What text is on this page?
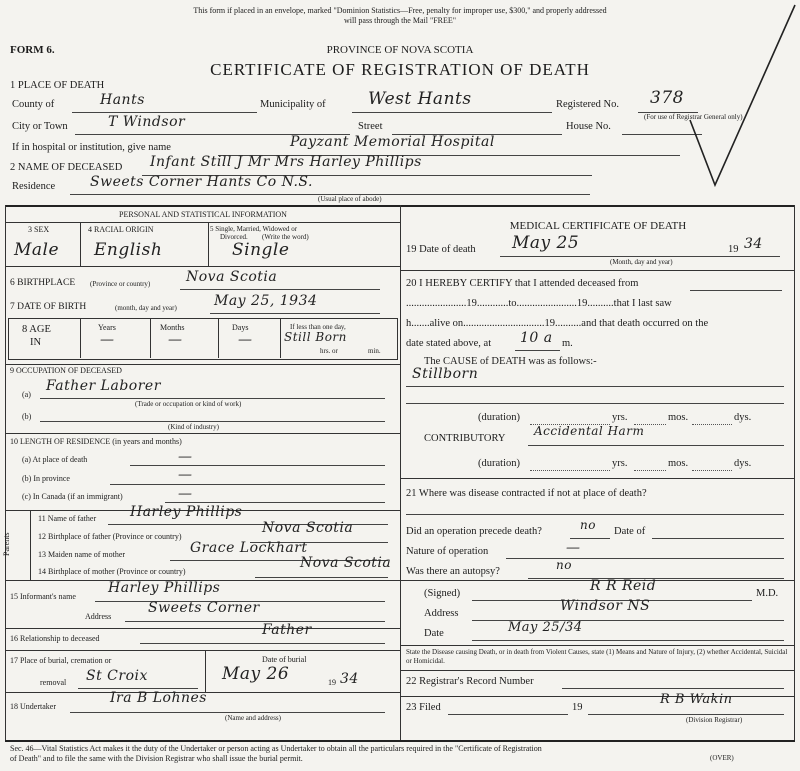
This form if placed in an envelope, marked "Dominion Statistics—Free, penalty for improper use, $300," and properly addressed
will pass through the Mail "FREE"
FORM 6.	PROVINCE OF NOVA SCOTIA
CERTIFICATE OF REGISTRATION OF DEATH
1 PLACE OF DEATH
County of	Hants	Municipality of West Hants	Registered No. 378
(For use of Registrar General only)
City or Town	T Windsor	Street	House No.
If in hospital or institution, give name	Payzant Memorial Hospital
2 NAME OF DECEASED Infant Still J Mr Mrs Harley Phillips
Residence Sweets Corner Hants Co N.S.
(Usual place of abode)
PERSONAL AND STATISTICAL INFORMATION
3 SEX	4 RACIAL ORIGIN	5 Single, Married, Widowed or
Divorced. (Write the word)
Male English	Single
6 BIRTHPLACE (Province or country)	Nova Scotia
7 DATE OF BIRTH	(month, day and year)	May 25, 1934
8 AGE
IN
Years	Months	Days
—	—	—
If less than one day,
Still Born
hrs. or	min.
9 OCCUPATION OF DECEASED
(a)
Father Laborer
(Trade or occupation or kind of work)
(b)
(Kind of industry)
10 LENGTH OF RESIDENCE (in years and months)
(a) At place of death	—
(b) In province	—
(c) In Canada (if an immigrant)	—
Parents
11 Name of father Harley Phillips
12 Birthplace of father (Province or country)
Nova Scotia
13 Maiden name of mother	Grace Lockhart
14 Birthplace of mother (Province or country)
Nova Scotia
15 Informant's name
Harley Phillips
Address
Sweets Corner
16 Relationship to deceased
Father
17 Place of burial, cremation or
removal St Croix
Date of burial
May 26	19 34
18 Undertaker
Ira B Lohnes
(Name and address)
MEDICAL CERTIFICATE OF DEATH
19 Date of death May 25	19 34
(Month, day and year)
20 I HEREBY CERTIFY that I attended deceased from
.......................19............to.......................19..........that I last saw
h.......alive on...............................19..........and that death occurred on the
date stated above, at 10 a m.
The CAUSE of DEATH was as follows:-
Stillborn
(duration)	yrs.	mos.	dys.
CONTRIBUTORY
Accidental Harm
(duration)	yrs.	mos.	dys.
21 Where was disease contracted if not at place of death?
Did an operation precede death?	no Date of
Nature of operation	—
Was there an autopsy?	no
(Signed)	R R Reid	M.D.
Address	Windsor NS
Date	May 25/34
State the Disease causing Death, or in death from Violent Causes, state (1) Means and Nature of Injury, (2) whether Accidental, Suicidal or Homicidal.
22 Registrar's Record Number
23 Filed	19
R B Wakin
(Division Registrar)
Sec. 46—Vital Statistics Act makes it the duty of the Undertaker or person acting as Undertaker to obtain all the particulars required in the "Certificate of Registration
of Death" and to file the same with the Division Registrar who shall issue the burial permit.	(OVER)
